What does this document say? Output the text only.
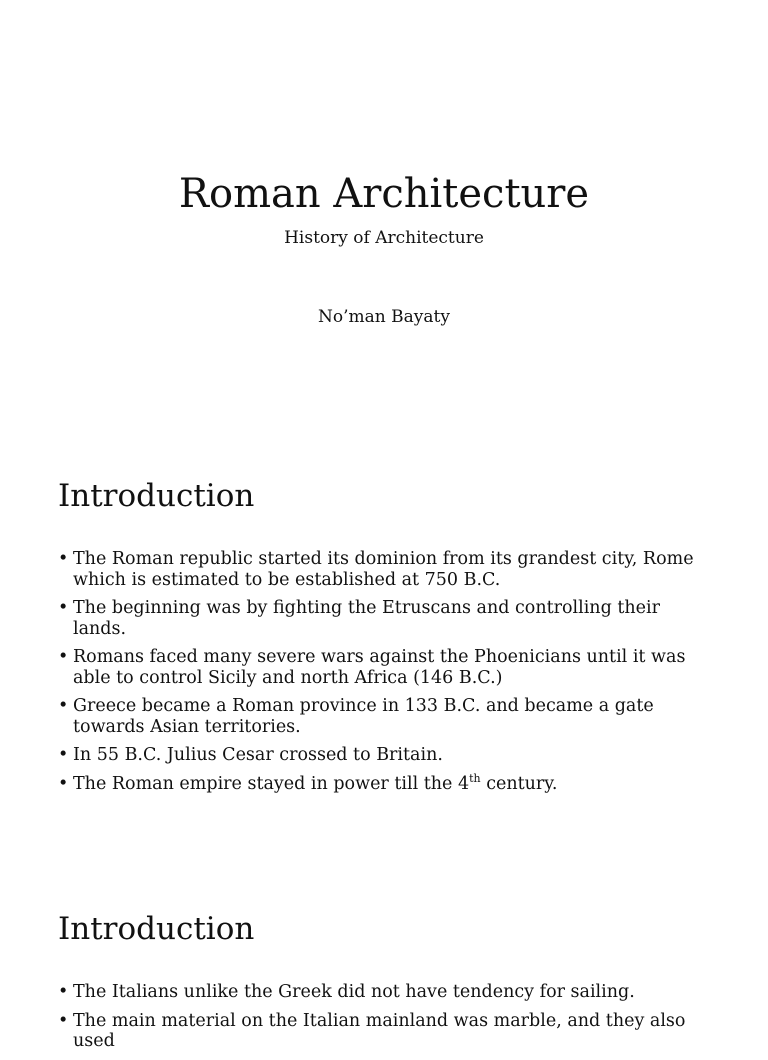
Roman Architecture

History of Architecture

No’man Bayaty

Introduction
• The Roman republic started its dominion from its grandest city, Rome which is estimated to be established at 750 B.C.
• The beginning was by fighting the Etruscans and controlling their lands.
• Romans faced many severe wars against the Phoenicians until it was able to control Sicily and north Africa (146 B.C.)
• Greece became a Roman province in 133 B.C. and became a gate towards Asian territories.
• In 55 B.C. Julius Cesar crossed to Britain.
• The Roman empire stayed in power till the 4th century.
Introduction
• The Italians unlike the Greek did not have tendency for sailing.
• The main material on the Italian mainland was marble, and they also used
